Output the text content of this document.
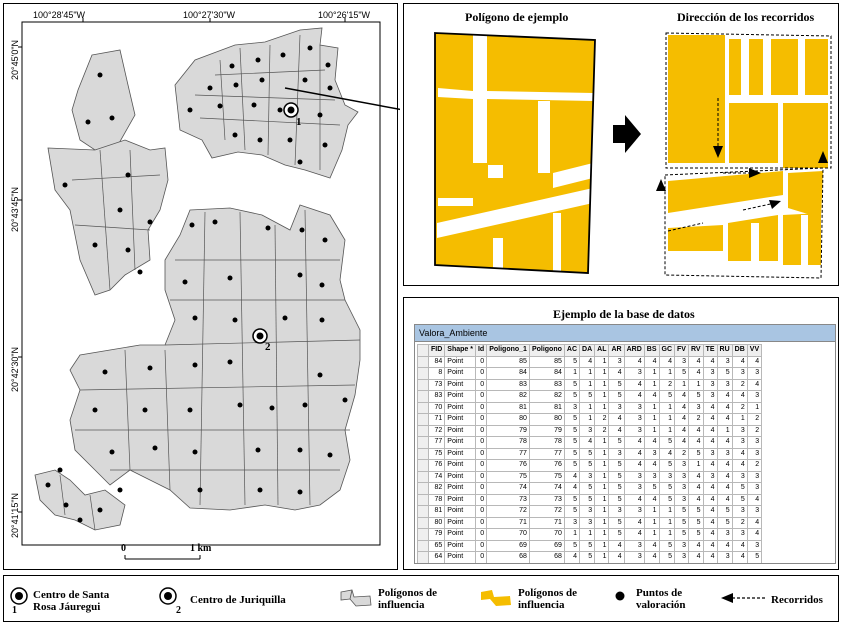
100°28'45"W	100°27'30"W	100°26'15"W
20°45'0"N
20°43'45"N
20°42'30"N
20°41'15"N
1
2
0	1 km
Polígono de ejemplo	Dirección de los recorridos
Ejemplo de la base de datos
Valora_Ambiente
	FID	Shape *	Id	Poligono_1	Poligono	AC	DA	AL	AR	ARD	BS	GC	FV	RV	TE	RU	DB	VV
	84	Point	0	85	85	5	4	1	3	4	4	4	3	4	4	3	4	4
	8	Point	0	84	84	1	1	1	4	3	1	1	5	4	3	5	3	3
	73	Point	0	83	83	5	1	1	5	4	1	2	1	1	3	3	2	4
	83	Point	0	82	82	5	5	1	5	4	4	5	4	5	3	4	4	3
	70	Point	0	81	81	3	1	1	3	3	1	1	4	3	4	4	2	1
	71	Point	0	80	80	5	1	2	4	3	1	1	4	2	4	4	1	2
	72	Point	0	79	79	5	3	2	4	3	1	1	4	4	4	1	3	2
	77	Point	0	78	78	5	4	1	5	4	4	5	4	4	4	4	3	3
	75	Point	0	77	77	5	5	1	3	4	3	4	2	5	3	3	4	3
	76	Point	0	76	76	5	5	1	5	4	4	5	3	1	4	4	4	2
	74	Point	0	75	75	4	3	1	5	3	3	3	3	4	3	4	3	3
	82	Point	0	74	74	4	5	1	5	3	5	5	3	4	4	4	5	3
	78	Point	0	73	73	5	5	1	5	4	4	5	3	4	4	4	5	4
	81	Point	0	72	72	5	3	1	3	3	1	1	5	5	4	5	3	3
	80	Point	0	71	71	3	3	1	5	4	1	1	5	5	4	5	2	4
	79	Point	0	70	70	1	1	1	5	4	1	1	5	5	4	3	3	4
	65	Point	0	69	69	5	5	1	4	3	4	5	3	4	4	4	4	3
	64	Point	0	68	68	4	5	1	4	3	4	5	3	4	4	3	4	5

1
Centro de Santa
Rosa Jáuregui	2
Centro de Juriquilla
Polígonos de
influencia
Polígonos de
influencia
Puntos de
valoración	Recorridos
